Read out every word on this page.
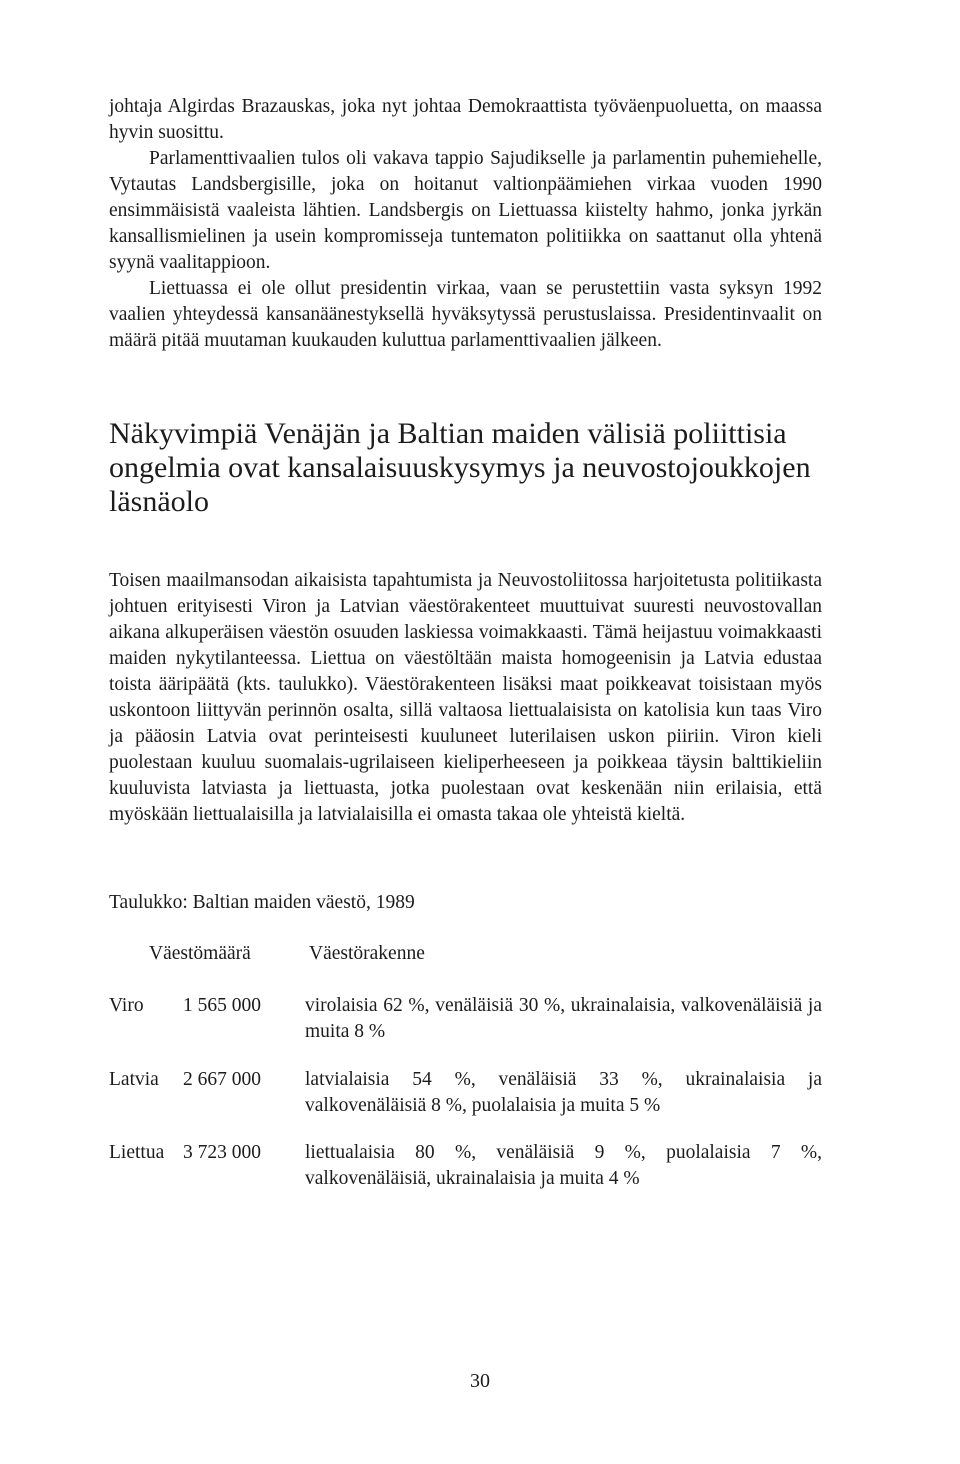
johtaja Algirdas Brazauskas, joka nyt johtaa Demokraattista työväenpuoluetta, on maassa hyvin suosittu.

Parlamenttivaalien tulos oli vakava tappio Sajudikselle ja parlamentin puhemiehelle, Vytautas Landsbergisille, joka on hoitanut valtionpäämiehen virkaa vuoden 1990 ensimmäisistä vaaleista lähtien. Landsbergis on Liettuassa kiistelty hahmo, jonka jyrkän kansallismielinen ja usein kompromisseja tuntematon politiikka on saattanut olla yhtenä syynä vaalitappioon.

Liettuassa ei ole ollut presidentin virkaa, vaan se perustettiin vasta syksyn 1992 vaalien yhteydessä kansanäänestyksellä hyväksytyssä perustuslaissa. Presidentinvaalit on määrä pitää muutaman kuukauden kuluttua parlamenttivaalien jälkeen.

Näkyvimpiä Venäjän ja Baltian maiden välisiä poliittisia ongelmia ovat kansalaisuuskysymys ja neuvostojoukkojen läsnäolo

Toisen maailmansodan aikaisista tapahtumista ja Neuvostoliitossa harjoitetusta politiikasta johtuen erityisesti Viron ja Latvian väestörakenteet muuttuivat suuresti neuvostovallan aikana alkuperäisen väestön osuuden laskiessa voimakkaasti. Tämä heijastuu voimakkaasti maiden nykytilanteessa. Liettua on väestöltään maista homogeenisin ja Latvia edustaa toista ääripäätä (kts. taulukko). Väestörakenteen lisäksi maat poikkeavat toisistaan myös uskontoon liittyvän perinnön osalta, sillä valtaosa liettualaisista on katolisia kun taas Viro ja pääosin Latvia ovat perinteisesti kuuluneet luterilaisen uskon piiriin. Viron kieli puolestaan kuuluu suomalais-ugrilaiseen kieliperheeseen ja poikkeaa täysin balttikieliin kuuluvista latviasta ja liettuasta, jotka puolestaan ovat keskenään niin erilaisia, että myöskään liettualaisilla ja latvialaisilla ei omasta takaa ole yhteistä kieltä.

Taulukko: Baltian maiden väestö, 1989

Väestömäärä	Väestörakenne
Viro 1 565 000 virolaisia 62 %, venäläisiä 30 %, ukrainalaisia, valkovenäläisiä ja muita 8 %
Latvia 2 667 000 latvialaisia 54 %, venäläisiä 33 %, ukrainalaisia ja valkovenäläisiä 8 %, puolalaisia ja muita 5 %
Liettua 3 723 000 liettualaisia 80 %, venäläisiä 9 %, puolalaisia 7 %, valkovenäläisiä, ukrainalaisia ja muita 4 %
30
